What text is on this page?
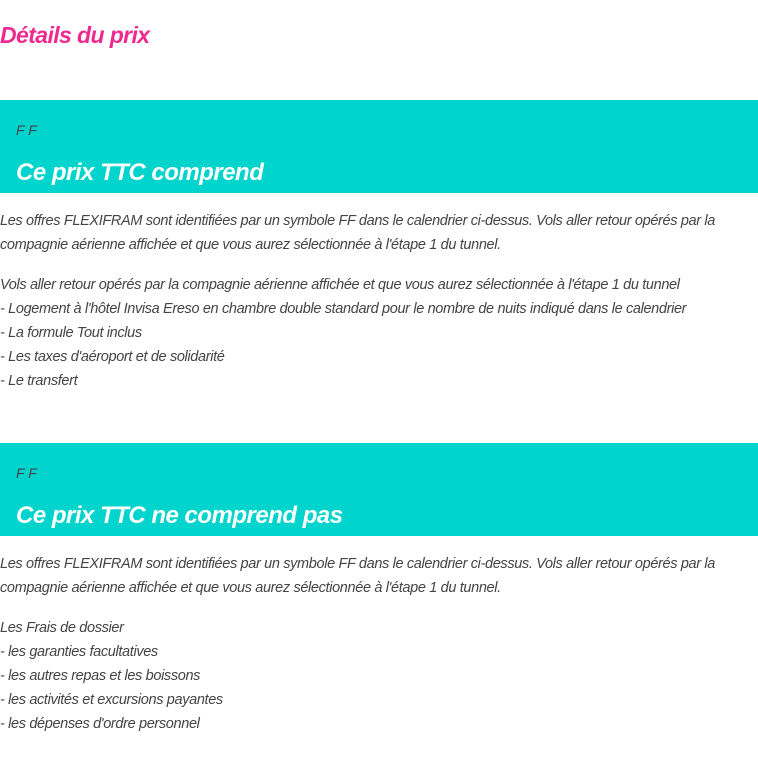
Détails du prix
F F
Ce prix TTC comprend

Les offres FLEXIFRAM sont identifiées par un symbole FF dans le calendrier ci-dessus. Vols aller retour opérés par la compagnie aérienne affichée et que vous aurez sélectionnée à l'étape 1 du tunnel.

Vols aller retour opérés par la compagnie aérienne affichée et que vous aurez sélectionnée à l'étape 1 du tunnel
- Logement à l'hôtel Invisa Ereso en chambre double standard pour le nombre de nuits indiqué dans le calendrier
- La formule Tout inclus
- Les taxes d'aéroport et de solidarité
- Le transfert
F F
Ce prix TTC ne comprend pas

Les offres FLEXIFRAM sont identifiées par un symbole FF dans le calendrier ci-dessus. Vols aller retour opérés par la compagnie aérienne affichée et que vous aurez sélectionnée à l'étape 1 du tunnel.

Les Frais de dossier
- les garanties facultatives
- les autres repas et les boissons
- les activités et excursions payantes
- les dépenses d'ordre personnel
